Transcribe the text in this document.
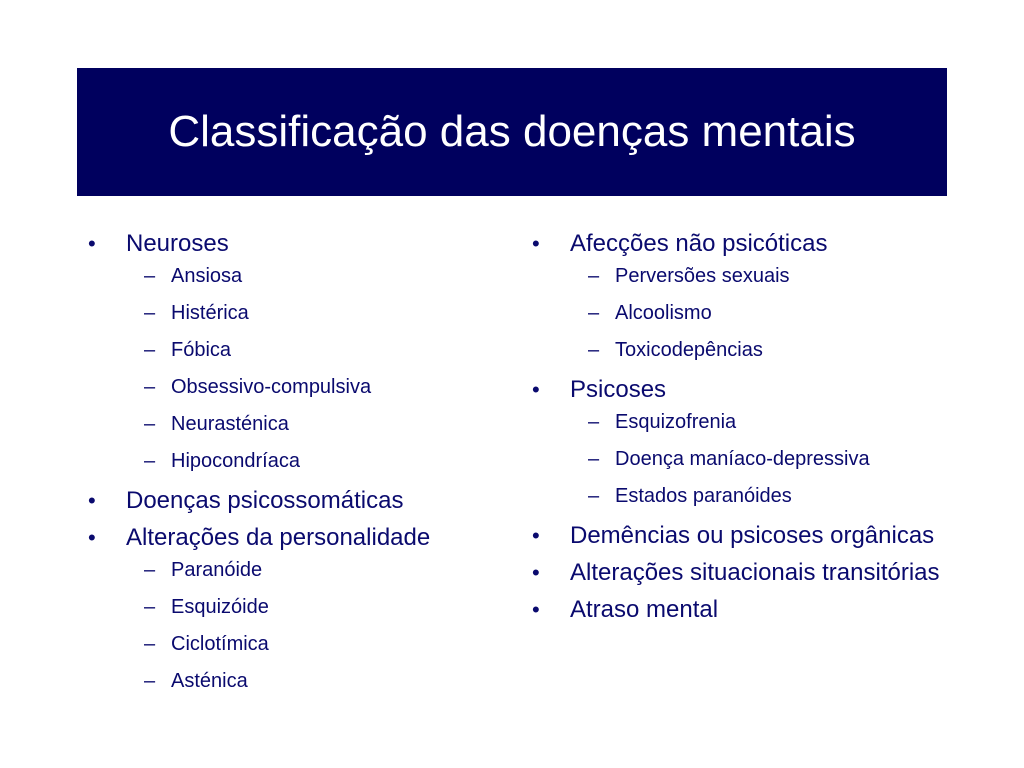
Classificação das doenças mentais
•	Neuroses
– Ansiosa
– Histérica
– Fóbica
– Obsessivo-compulsiva
– Neurasténica
– Hipocondríaca
•	Doenças psicossomáticas
•	Alterações da personalidade
– Paranóide
– Esquizóide
– Ciclotímica
– Asténica
•	Afecções não psicóticas
– Perversões sexuais
– Alcoolismo
– Toxicodepências
•	Psicoses
– Esquizofrenia
– Doença maníaco-depressiva
– Estados paranóides
•	Demências ou psicoses orgânicas
•	Alterações situacionais transitórias
•	Atraso mental
